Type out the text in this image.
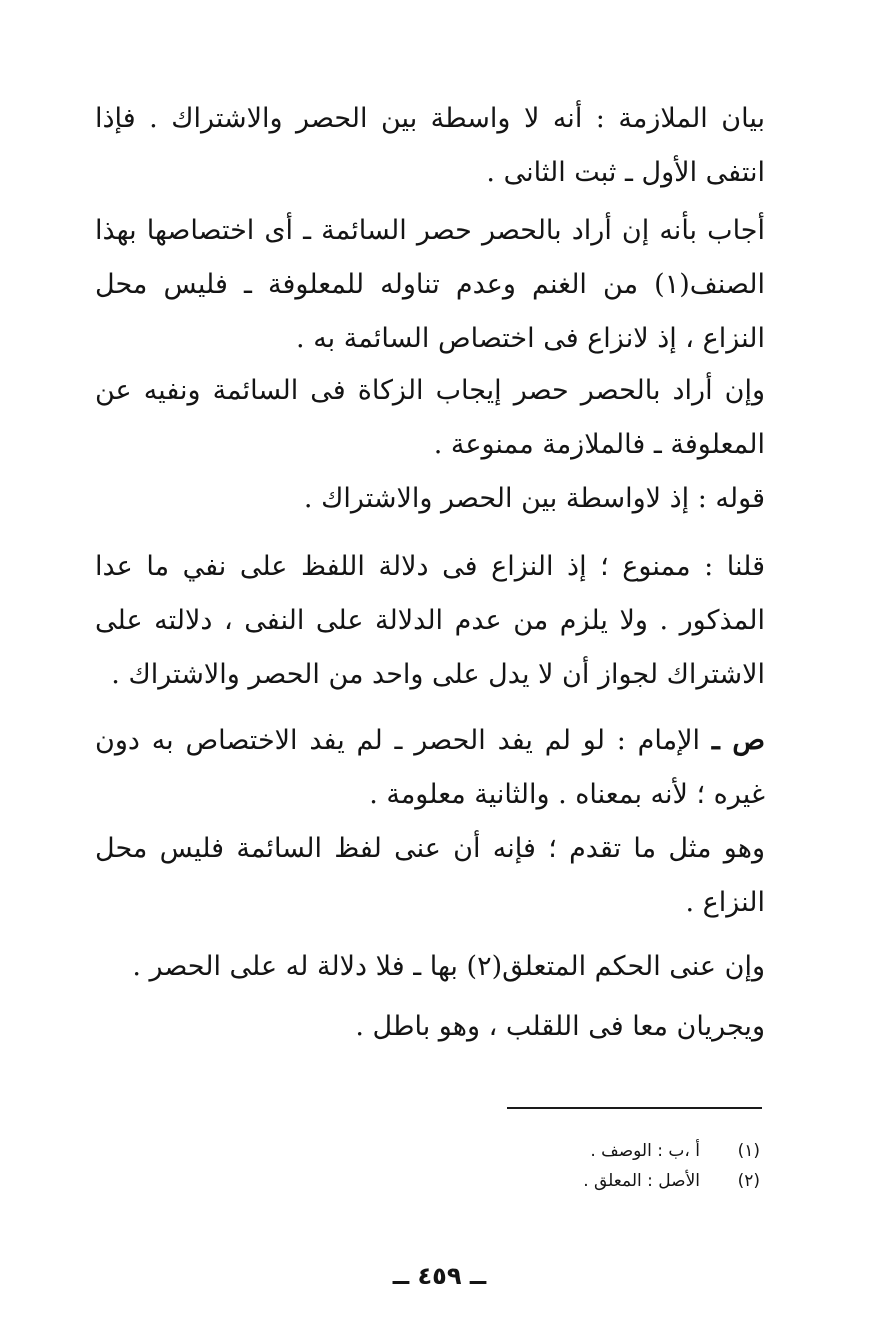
بيان الملازمة : أنه لا واسطة بين الحصر والاشتراك . فإذا انتفى الأول ـ ثبت الثانى .

أجاب بأنه إن أراد بالحصر حصر السائمة ـ أى اختصاصها بهذا الصنف(١) من الغنم وعدم تناوله للمعلوفة ـ فليس محل النزاع ، إذ لانزاع فى اختصاص السائمة به .

وإن أراد بالحصر حصر إيجاب الزكاة فى السائمة ونفيه عن المعلوفة ـ فالملازمة ممنوعة .

قوله : إذ لاواسطة بين الحصر والاشتراك .

قلنا : ممنوع ؛ إذ النزاع فى دلالة اللفظ على نفي ما عدا المذكور . ولا يلزم من عدم الدلالة على النفى ، دلالته على الاشتراك لجواز أن لا يدل على واحد من الحصر والاشتراك .

ص ـ الإمام : لو لم يفد الحصر ـ لم يفد الاختصاص به دون غيره ؛ لأنه بمعناه . والثانية معلومة .

وهو مثل ما تقدم ؛ فإنه أن عنى لفظ السائمة فليس محل النزاع .

وإن عنى الحكم المتعلق(٢) بها ـ فلا دلالة له على الحصر .

ويجريان معا فى اللقلب ، وهو باطل .

(١)
أ ،ب : الوصف .
(٢)
الأصل : المعلق .
ــ ٤٥٩ ــ
